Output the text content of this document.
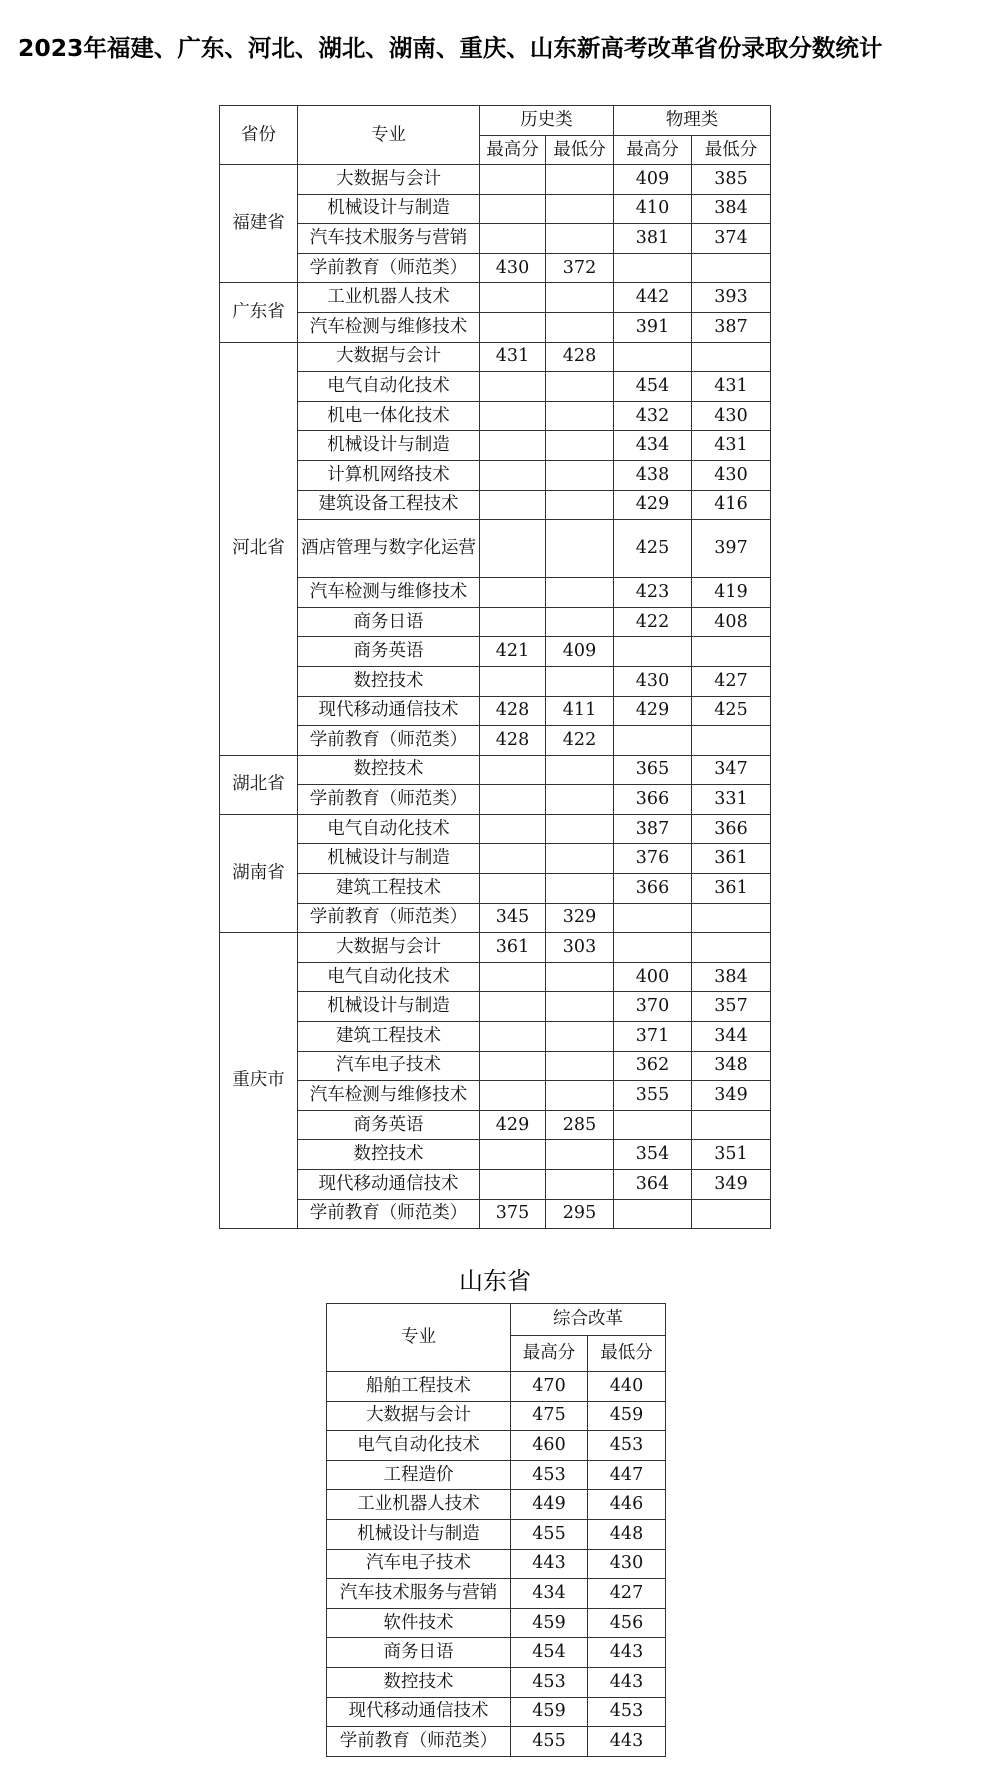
2023年福建、广东、河北、湖北、湖南、重庆、山东新高考改革省份录取分数统计
省份	专业	历史类		物理类	
		最高分	最低分	最高分	最低分
福建省	大数据与会计			409	385
	机械设计与制造			410	384
	汽车技术服务与营销			381	374
	学前教育（师范类）	430	372		
广东省	工业机器人技术			442	393
	汽车检测与维修技术			391	387
河北省	大数据与会计	431	428		
	电气自动化技术			454	431
	机电一体化技术			432	430
	机械设计与制造			434	431
	计算机网络技术			438	430
	建筑设备工程技术			429	416
	酒店管理与数字化运营			425	397
	汽车检测与维修技术			423	419
	商务日语			422	408
	商务英语	421	409		
	数控技术			430	427
	现代移动通信技术	428	411	429	425
	学前教育（师范类）	428	422		
湖北省	数控技术			365	347
	学前教育（师范类）			366	331
湖南省	电气自动化技术			387	366
	机械设计与制造			376	361
	建筑工程技术			366	361
	学前教育（师范类）	345	329		
重庆市	大数据与会计	361	303		
	电气自动化技术			400	384
	机械设计与制造			370	357
	建筑工程技术			371	344
	汽车电子技术			362	348
	汽车检测与维修技术			355	349
	商务英语	429	285		
	数控技术			354	351
	现代移动通信技术			364	349
	学前教育（师范类）	375	295		
山东省
专业	综合改革	
	最高分	最低分
船舶工程技术	470	440
大数据与会计	475	459
电气自动化技术	460	453
工程造价	453	447
工业机器人技术	449	446
机械设计与制造	455	448
汽车电子技术	443	430
汽车技术服务与营销	434	427
软件技术	459	456
商务日语	454	443
数控技术	453	443
现代移动通信技术	459	453
学前教育（师范类）	455	443
